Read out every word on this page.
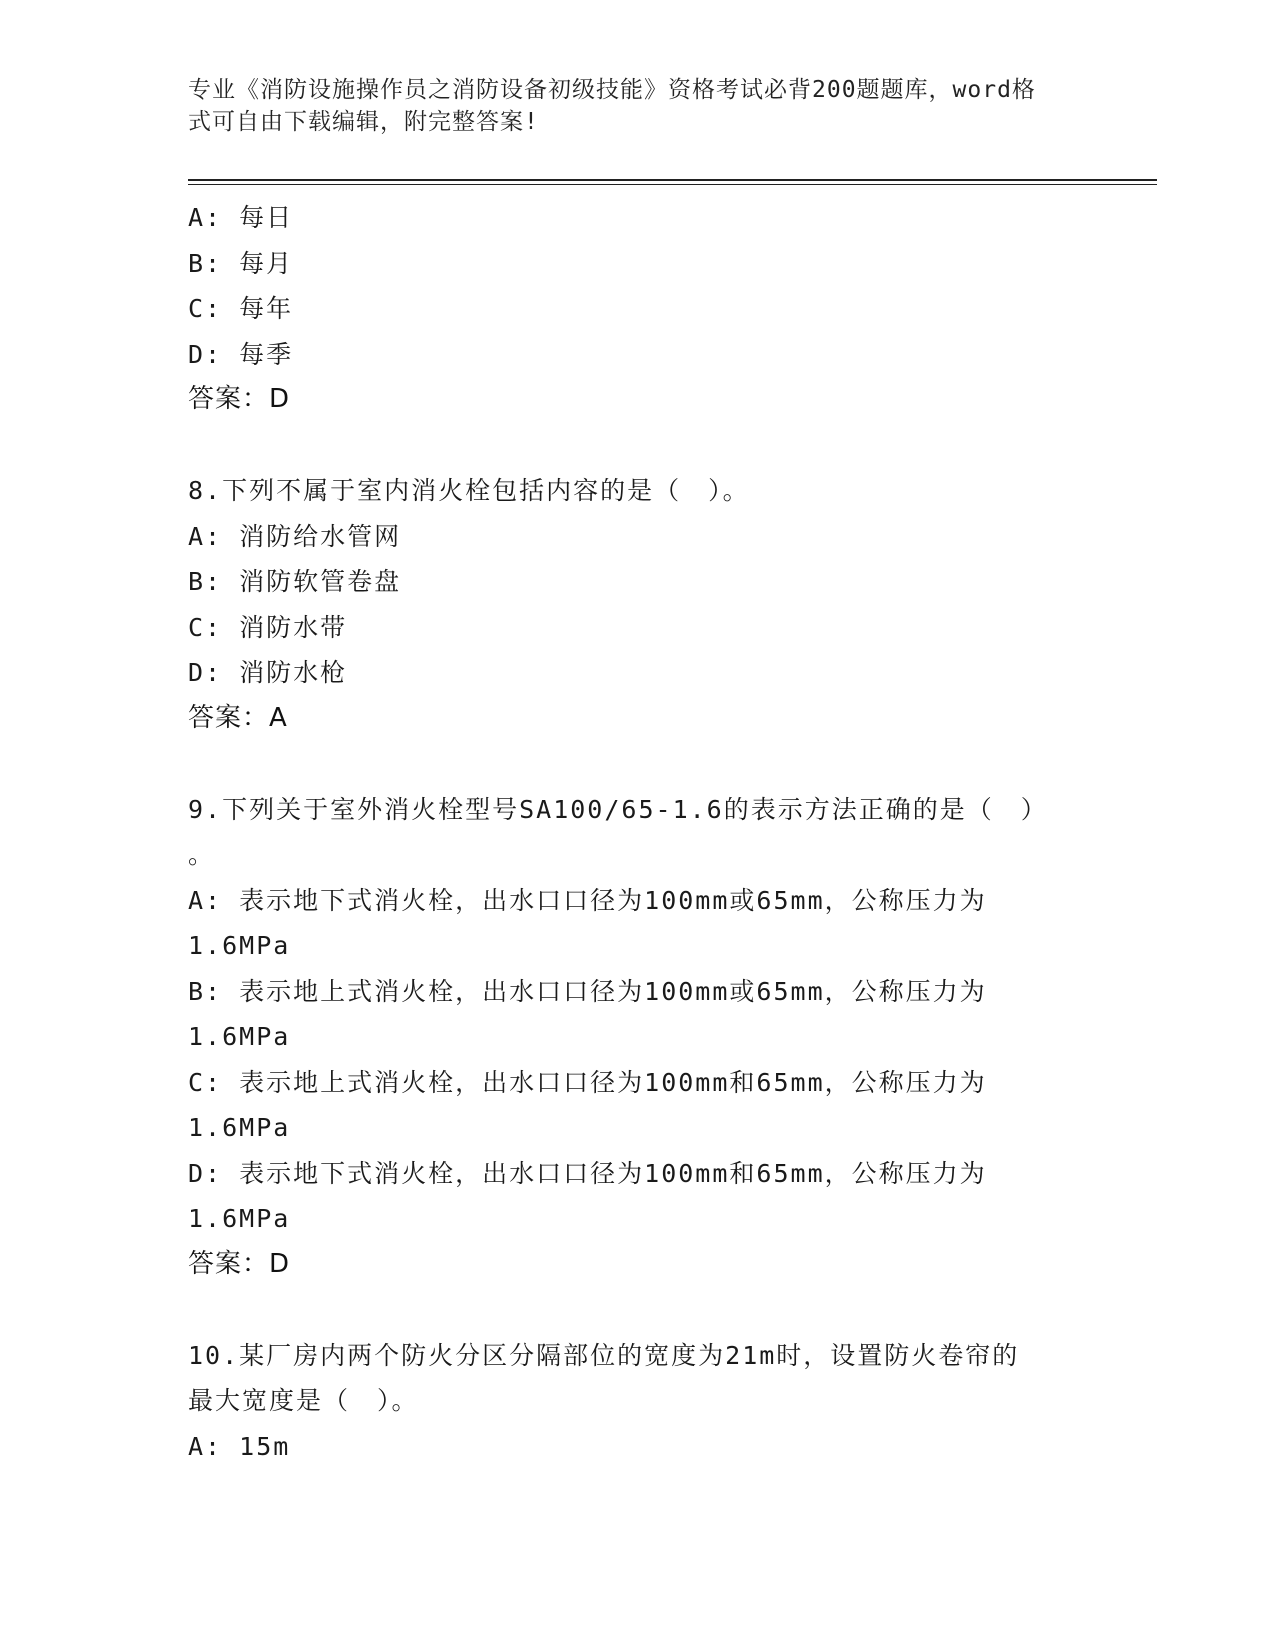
专业《消防设施操作员之消防设备初级技能》资格考试必背200题题库，word格
式可自由下载编辑，附完整答案!
A: 每日
B: 每月
C: 每年
D: 每季
答案：D
8.下列不属于室内消火栓包括内容的是（　）。
A: 消防给水管网
B: 消防软管卷盘
C: 消防水带
D: 消防水枪
答案：A
9.下列关于室外消火栓型号SA100/65-1.6的表示方法正确的是（　）
。
A: 表示地下式消火栓，出水口口径为100mm或65mm，公称压力为
1.6MPa
B: 表示地上式消火栓，出水口口径为100mm或65mm，公称压力为
1.6MPa
C: 表示地上式消火栓，出水口口径为100mm和65mm，公称压力为
1.6MPa
D: 表示地下式消火栓，出水口口径为100mm和65mm，公称压力为
1.6MPa
答案：D
10.某厂房内两个防火分区分隔部位的宽度为21m时，设置防火卷帘的
最大宽度是（　）。
A: 15m
